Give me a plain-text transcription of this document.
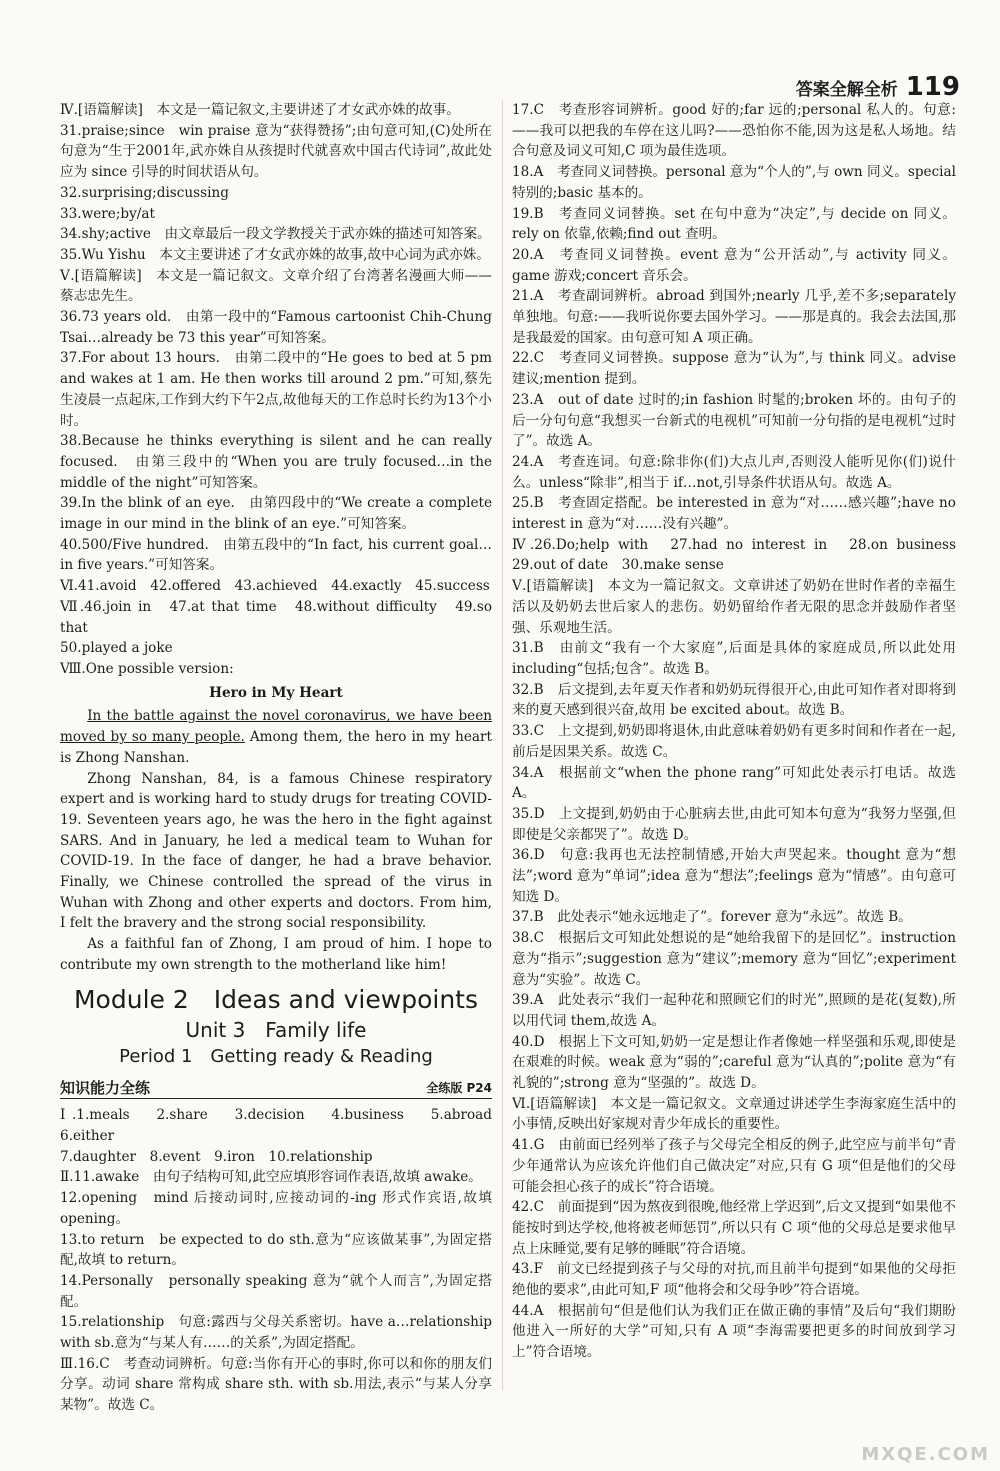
答案全解全析 119

Ⅳ.[语篇解读]　本文是一篇记叙文,主要讲述了才女武亦姝的故事。

31.praise;since　win praise 意为“获得赞扬”;由句意可知,(C)处所在句意为“生于2001年,武亦姝自从孩提时代就喜欢中国古代诗词”,故此处应为 since 引导的时间状语从句。

32.surprising;discussing

33.were;by/at

34.shy;active　由文章最后一段文学教授关于武亦姝的描述可知答案。

35.Wu Yishu　本文主要讲述了才女武亦姝的故事,故中心词为武亦姝。

Ⅴ.[语篇解读]　本文是一篇记叙文。文章介绍了台湾著名漫画大师——蔡志忠先生。

36.73 years old.　由第一段中的“Famous cartoonist Chih-Chung Tsai…already be 73 this year”可知答案。

37.For about 13 hours.　由第二段中的“He goes to bed at 5 pm and wakes at 1 am. He then works till around 2 pm.”可知,蔡先生凌晨一点起床,工作到大约下午2点,故他每天的工作总时长约为13个小时。

38.Because he thinks everything is silent and he can really focused.　由第三段中的“When you are truly focused…in the middle of the night”可知答案。

39.In the blink of an eye.　由第四段中的“We create a complete image in our mind in the blink of an eye.”可知答案。

40.500/Five hundred.　由第五段中的“In fact, his current goal…in five years.”可知答案。

Ⅵ.41.avoid　42.offered　43.achieved　44.exactly　45.success

Ⅶ.46.join in　47.at that time　48.without difficulty　49.so that

50.played a joke

Ⅷ.One possible version:

Hero in My Heart

In the battle against the novel coronavirus, we have been moved by so many people. Among them, the hero in my heart is Zhong Nanshan.

Zhong Nanshan, 84, is a famous Chinese respiratory expert and is working hard to study drugs for treating COVID-19. Seventeen years ago, he was the hero in the fight against SARS. And in January, he led a medical team to Wuhan for COVID-19. In the face of danger, he had a brave behavior. Finally, we Chinese controlled the spread of the virus in Wuhan with Zhong and other experts and doctors. From him, I felt the bravery and the strong social responsibility.

As a faithful fan of Zhong, I am proud of him. I hope to contribute my own strength to the motherland like him!

Module 2　Ideas and viewpoints
Unit 3　Family life
Period 1　Getting ready & Reading
知识能力全练	全练版 P24

Ⅰ.1.meals　2.share　3.decision　4.business　5.abroad　6.either

7.daughter　8.event　9.iron　10.relationship

Ⅱ.11.awake　由句子结构可知,此空应填形容词作表语,故填 awake。

12.opening　mind 后接动词时,应接动词的-ing 形式作宾语,故填 opening。

13.to return　be expected to do sth.意为“应该做某事”,为固定搭配,故填 to return。

14.Personally　personally speaking 意为“就个人而言”,为固定搭配。

15.relationship　句意:露西与父母关系密切。have a…relationship with sb.意为“与某人有……的关系”,为固定搭配。

Ⅲ.16.C　考查动词辨析。句意:当你有开心的事时,你可以和你的朋友们分享。动词 share 常构成 share sth. with sb.用法,表示“与某人分享某物”。故选 C。

17.C　考查形容词辨析。good 好的;far 远的;personal 私人的。句意:——我可以把我的车停在这儿吗?——恐怕你不能,因为这是私人场地。结合句意及词义可知,C 项为最佳选项。

18.A　考查同义词替换。personal 意为“个人的”,与 own 同义。special 特别的;basic 基本的。

19.B　考查同义词替换。set 在句中意为“决定”,与 decide on 同义。rely on 依靠,依赖;find out 查明。

20.A　考查同义词替换。event 意为“公开活动”,与 activity 同义。game 游戏;concert 音乐会。

21.A　考查副词辨析。abroad 到国外;nearly 几乎,差不多;separately 单独地。句意:——我听说你要去国外学习。——那是真的。我会去法国,那是我最爱的国家。由句意可知 A 项正确。

22.C　考查同义词替换。suppose 意为“认为”,与 think 同义。advise 建议;mention 提到。

23.A　out of date 过时的;in fashion 时髦的;broken 坏的。由句子的后一分句句意“我想买一台新式的电视机”可知前一分句指的是电视机“过时了”。故选 A。

24.A　考查连词。句意:除非你(们)大点儿声,否则没人能听见你(们)说什么。unless“除非”,相当于 if…not,引导条件状语从句。故选 A。

25.B　考查固定搭配。be interested in 意为“对……感兴趣”;have no interest in 意为“对……没有兴趣”。

Ⅳ.26.Do;help with　27.had no interest in　28.on business　29.out of date　30.make sense

Ⅴ.[语篇解读]　本文为一篇记叙文。文章讲述了奶奶在世时作者的幸福生活以及奶奶去世后家人的悲伤。奶奶留给作者无限的思念并鼓励作者坚强、乐观地生活。

31.B　由前文“我有一个大家庭”,后面是具体的家庭成员,所以此处用 including“包括;包含”。故选 B。

32.B　后文提到,去年夏天作者和奶奶玩得很开心,由此可知作者对即将到来的夏天感到很兴奋,故用 be excited about。故选 B。

33.C　上文提到,奶奶即将退休,由此意味着奶奶有更多时间和作者在一起,前后是因果关系。故选 C。

34.A　根据前文“when the phone rang”可知此处表示打电话。故选 A。

35.D　上文提到,奶奶由于心脏病去世,由此可知本句意为“我努力坚强,但即使是父亲都哭了”。故选 D。

36.D　句意:我再也无法控制情感,开始大声哭起来。thought 意为“想法”;word 意为“单词”;idea 意为“想法”;feelings 意为“情感”。由句意可知选 D。

37.B　此处表示“她永远地走了”。forever 意为“永远”。故选 B。

38.C　根据后文可知此处想说的是“她给我留下的是回忆”。instruction 意为“指示”;suggestion 意为“建议”;memory 意为“回忆”;experiment 意为“实验”。故选 C。

39.A　此处表示“我们一起种花和照顾它们的时光”,照顾的是花(复数),所以用代词 them,故选 A。

40.D　根据上下文可知,奶奶一定是想让作者像她一样坚强和乐观,即使是在艰难的时候。weak 意为“弱的”;careful 意为“认真的”;polite 意为“有礼貌的”;strong 意为“坚强的”。故选 D。

Ⅵ.[语篇解读]　本文是一篇记叙文。文章通过讲述学生李海家庭生活中的小事情,反映出好家规对青少年成长的重要性。

41.G　由前面已经列举了孩子与父母完全相反的例子,此空应与前半句“青少年通常认为应该允许他们自己做决定”对应,只有 G 项“但是他们的父母可能会担心孩子的成长”符合语境。

42.C　前面提到“因为熬夜到很晚,他经常上学迟到”,后文又提到“如果他不能按时到达学校,他将被老师惩罚”,所以只有 C 项“他的父母总是要求他早点上床睡觉,要有足够的睡眠”符合语境。

43.F　前文已经提到孩子与父母的对抗,而且前半句提到“如果他的父母拒绝他的要求”,由此可知,F 项“他将会和父母争吵”符合语境。

44.A　根据前句“但是他们认为我们正在做正确的事情”及后句“我们期盼他进入一所好的大学”可知,只有 A 项“李海需要把更多的时间放到学习上”符合语境。

MXQE.COM
